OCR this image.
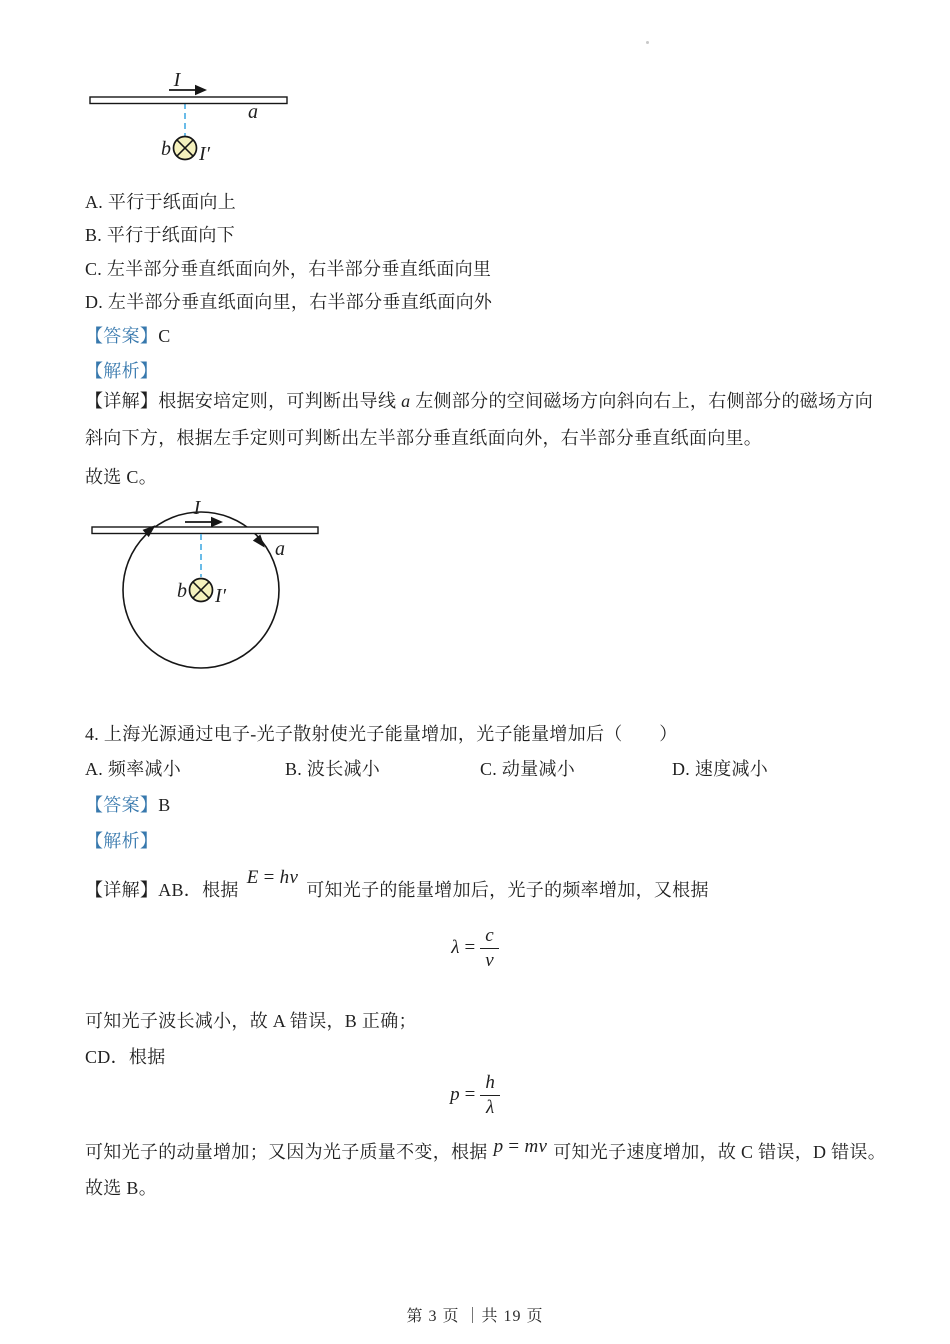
I
a
b I′
A. 平行于纸面向上
B. 平行于纸面向下
C. 左半部分垂直纸面向外，右半部分垂直纸面向里
D. 左半部分垂直纸面向里，右半部分垂直纸面向外
【答案】C
【解析】
【详解】根据安培定则，可判断出导线 a 左侧部分的空间磁场方向斜向右上，右侧部分的磁场方向斜向下方，根据左手定则可判断出左半部分垂直纸面向外，右半部分垂直纸面向里。
故选 C。
I
a
b I′
4. 上海光源通过电子-光子散射使光子能量增加，光子能量增加后（　　）
A. 频率减小	B. 波长减小	C. 动量减小	D. 速度减小
【答案】B
【解析】
【详解】AB．根据
E = hν
可知光子的能量增加后，光子的频率增加，又根据
$\lambda = \frac{c}{\nu}$
可知光子波长减小，故 A 错误，B 正确；
CD．根据
$p = \frac{h}{\lambda}$
可知光子的动量增加；又因为光子质量不变，根据 p = mv 可知光子速度增加，故 C 错误，D 错误。
故选 B。
第 3 页 ｜共 19 页
